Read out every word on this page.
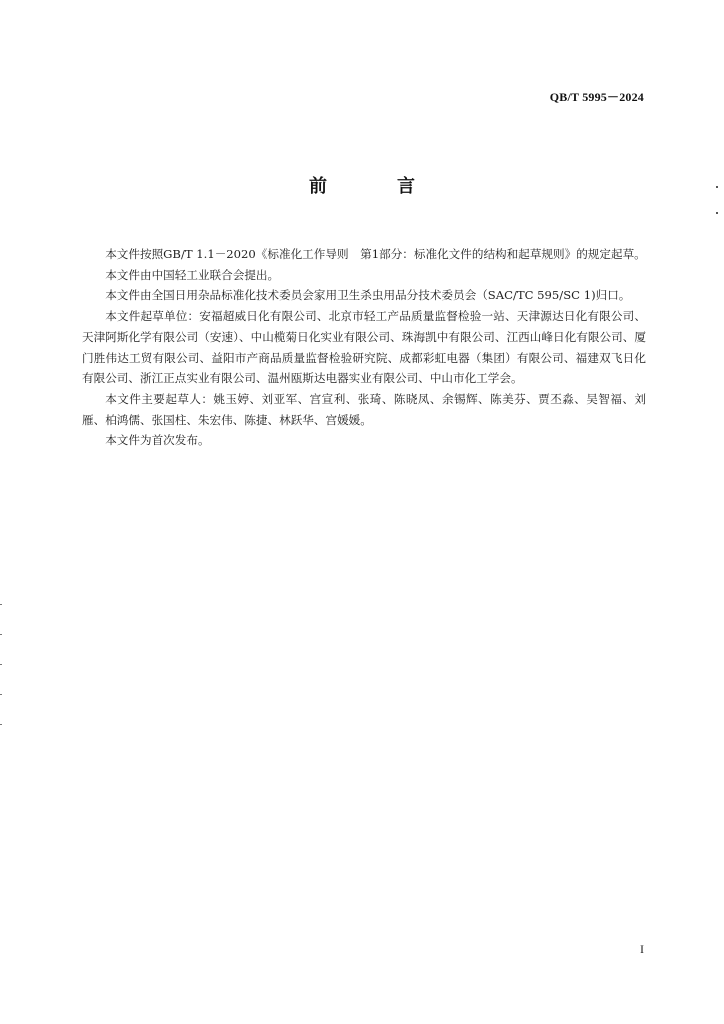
QB/T 5995－2024
前　言

本文件按照GB/T 1.1－2020《标准化工作导则　第1部分：标准化文件的结构和起草规则》的规定起草。

本文件由中国轻工业联合会提出。

本文件由全国日用杂品标准化技术委员会家用卫生杀虫用品分技术委员会（SAC/TC 595/SC 1)归口。

本文件起草单位：安福超威日化有限公司、北京市轻工产品质量监督检验一站、天津源达日化有限公司、天津阿斯化学有限公司（安速）、中山榄菊日化实业有限公司、珠海凯中有限公司、江西山峰日化有限公司、厦门胜伟达工贸有限公司、益阳市产商品质量监督检验研究院、成都彩虹电器（集团）有限公司、福建双飞日化有限公司、浙江正点实业有限公司、温州瓯斯达电器实业有限公司、中山市化工学会。

本文件主要起草人：姚玉婷、刘亚军、宫宣利、张琦、陈晓凤、余锡辉、陈美芬、贾丕淼、吴智福、刘雁、柏鸿儒、张国柱、朱宏伟、陈捷、林跃华、宫媛媛。

本文件为首次发布。

I
